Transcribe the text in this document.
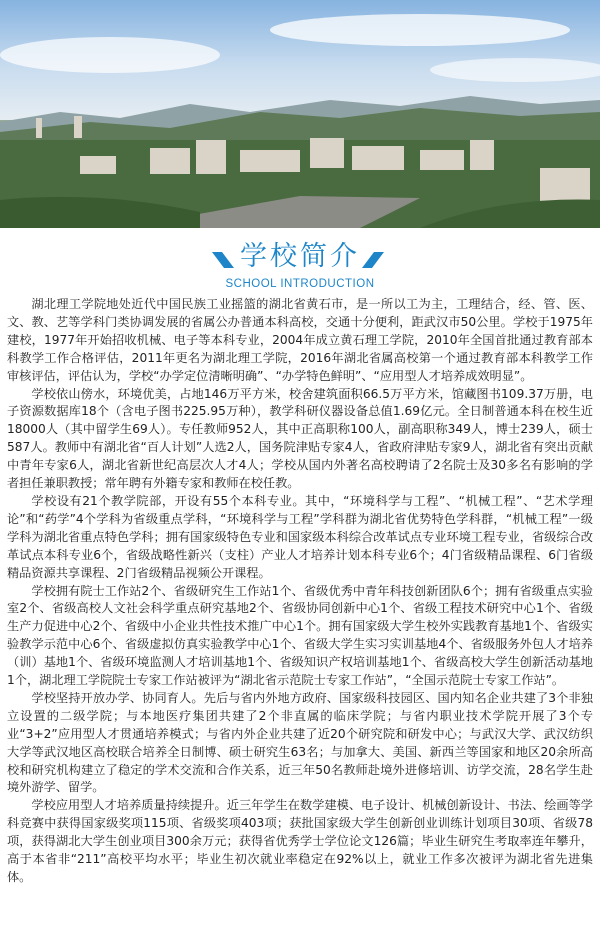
学校简介
SCHOOL INTRODUCTION

湖北理工学院地处近代中国民族工业摇篮的湖北省黄石市，是一所以工为主，工理结合，经、管、医、文、教、艺等学科门类协调发展的省属公办普通本科高校，交通十分便利，距武汉市50公里。学校于1975年建校，1977年开始招收机械、电子等本科专业，2004年成立黄石理工学院，2010年全国首批通过教育部本科教学工作合格评估，2011年更名为湖北理工学院，2016年湖北省属高校第一个通过教育部本科教学工作审核评估，评估认为，学校“办学定位清晰明确”、“办学特色鲜明”、“应用型人才培养成效明显”。

学校依山傍水，环境优美，占地146万平方米，校舍建筑面积66.5万平方米，馆藏图书109.37万册，电子资源数据库18个（含电子图书225.95万种），教学科研仪器设备总值1.69亿元。全日制普通本科在校生近18000人（其中留学生69人）。专任教师952人，其中正高职称100人，副高职称349人，博士239人，硕士587人。教师中有湖北省“百人计划”人选2人，国务院津贴专家4人，省政府津贴专家9人，湖北省有突出贡献中青年专家6人，湖北省新世纪高层次人才4人；学校从国内外著名高校聘请了2名院士及30多名有影响的学者担任兼职教授；常年聘有外籍专家和教师在校任教。

学校设有21个教学院部，开设有55个本科专业。其中，“环境科学与工程”、“机械工程”、“艺术学理论”和“药学”4个学科为省级重点学科，“环境科学与工程”学科群为湖北省优势特色学科群，“机械工程”一级学科为湖北省重点特色学科；拥有国家级特色专业和国家级本科综合改革试点专业环境工程专业，省级综合改革试点本科专业6个，省级战略性新兴（支柱）产业人才培养计划本科专业6个；4门省级精品课程、6门省级精品资源共享课程、2门省级精品视频公开课程。

学校拥有院士工作站2个、省级研究生工作站1个、省级优秀中青年科技创新团队6个；拥有省级重点实验室2个、省级高校人文社会科学重点研究基地2个、省级协同创新中心1个、省级工程技术研究中心1个、省级生产力促进中心2个、省级中小企业共性技术推广中心1个。拥有国家级大学生校外实践教育基地1个、省级实验教学示范中心6个、省级虚拟仿真实验教学中心1个、省级大学生实习实训基地4个、省级服务外包人才培养（训）基地1个、省级环境监测人才培训基地1个、省级知识产权培训基地1个、省级高校大学生创新活动基地1个，湖北理工学院院士专家工作站被评为“湖北省示范院士专家工作站”，“全国示范院士专家工作站”。

学校坚持开放办学、协同育人。先后与省内外地方政府、国家级科技园区、国内知名企业共建了3个非独立设置的二级学院；与本地医疗集团共建了2个非直属的临床学院；与省内职业技术学院开展了3个专业“3+2”应用型人才贯通培养模式；与省内外企业共建了近20个研究院和研发中心；与武汉大学、武汉纺织大学等武汉地区高校联合培养全日制博、硕士研究生63名；与加拿大、美国、新西兰等国家和地区20余所高校和研究机构建立了稳定的学术交流和合作关系，近三年50名教师赴境外进修培训、访学交流，28名学生赴境外游学、留学。

学校应用型人才培养质量持续提升。近三年学生在数学建模、电子设计、机械创新设计、书法、绘画等学科竞赛中获得国家级奖项115项、省级奖项403项；获批国家级大学生创新创业训练计划项目30项、省级78项，获得湖北大学生创业项目300余万元；获得省优秀学士学位论文126篇；毕业生研究生考取率连年攀升，高于本省非“211”高校平均水平；毕业生初次就业率稳定在92%以上，就业工作多次被评为湖北省先进集体。
